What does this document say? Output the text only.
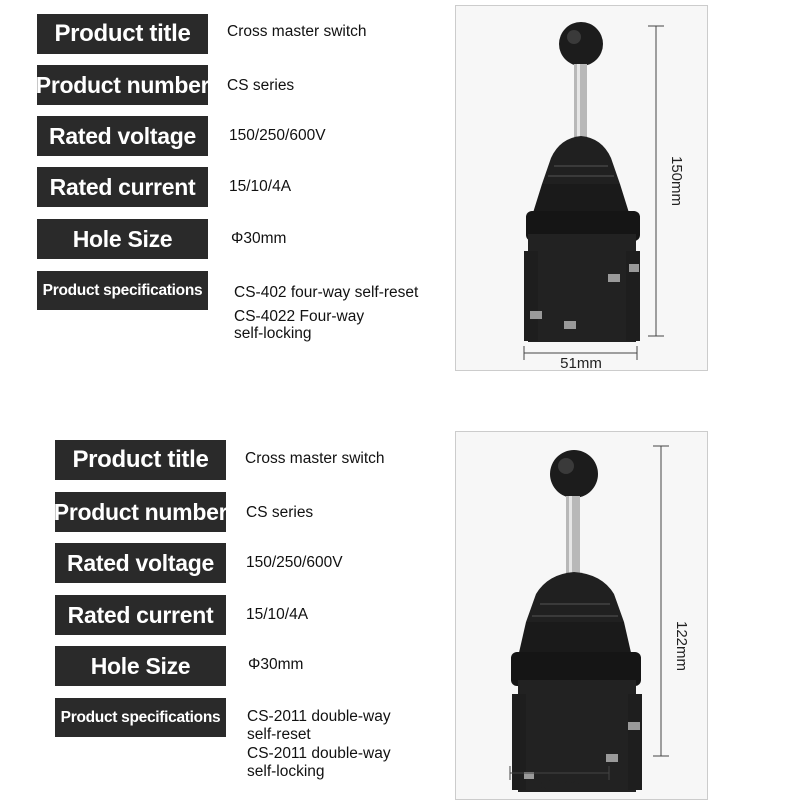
Product title	Cross master switch
Product number CS series
Rated voltage	150/250/600V
Rated current	15/10/4A
Hole Size	Φ30mm
Product specifications	CS-402 four-way self-reset
CS-4022 Four-way
self-locking
150mm
51mm
Product title	Cross master switch
Product number CS series
Rated voltage	150/250/600V
Rated current	15/10/4A
Hole Size	Φ30mm
Product specifications	CS-2011 double-way
self-reset
CS-2011 double-way
self-locking
122mm
51mm
